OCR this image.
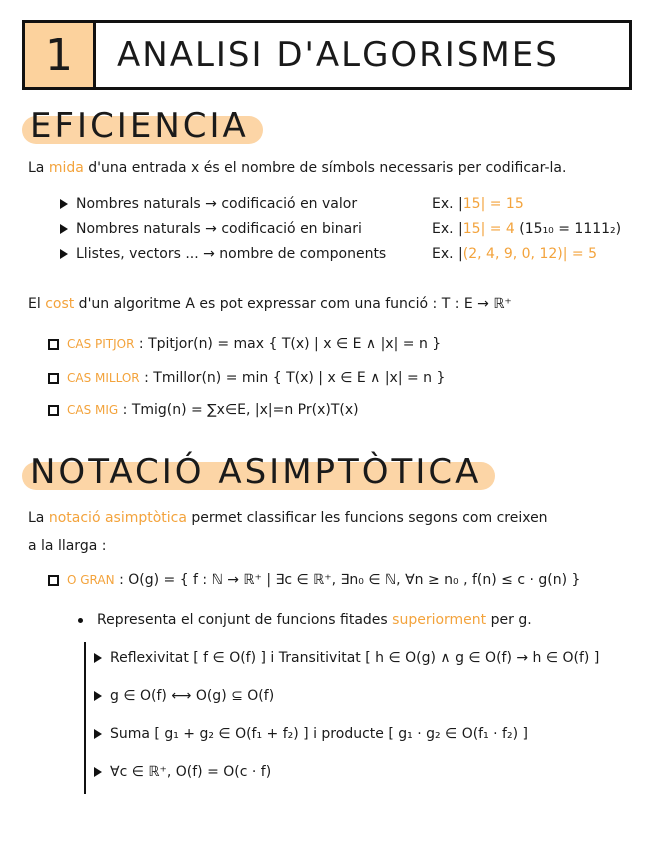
1	ANALISI D'ALGORISMES
EFICIENCIA
La mida d'una entrada x és el nombre de símbols necessaris per codificar-la.
Nombres naturals → codificació en valor	Ex. |15| = 15
Nombres naturals → codificació en binari	Ex. |15| = 4 (15₁₀ = 1111₂)
Llistes, vectors ... → nombre de components	Ex. |(2, 4, 9, 0, 12)| = 5
El cost d'un algoritme A es pot expressar com una funció : T : E → ℝ⁺
CAS PITJOR : Tpitjor(n) = max { T(x) | x ∈ E ∧ |x| = n }
CAS MILLOR : Tmillor(n) = min { T(x) | x ∈ E ∧ |x| = n }
CAS MIG : Tmig(n) = ∑x∈E, |x|=n Pr(x)T(x)
NOTACIÓ ASIMPTÒTICA
La notació asimptòtica permet classificar les funcions segons com creixen
a la llarga :
O GRAN : O(g) = { f : ℕ → ℝ⁺ | ∃c ∈ ℝ⁺, ∃n₀ ∈ ℕ, ∀n ≥ n₀ , f(n) ≤ c · g(n) }
Representa el conjunt de funcions fitades superiorment per g.
Reflexivitat [ f ∈ O(f) ] i Transitivitat [ h ∈ O(g) ∧ g ∈ O(f) → h ∈ O(f) ]
g ∈ O(f) ⟷ O(g) ⊆ O(f)
Suma [ g₁ + g₂ ∈ O(f₁ + f₂) ] i producte [ g₁ · g₂ ∈ O(f₁ · f₂) ]
∀c ∈ ℝ⁺, O(f) = O(c · f)
